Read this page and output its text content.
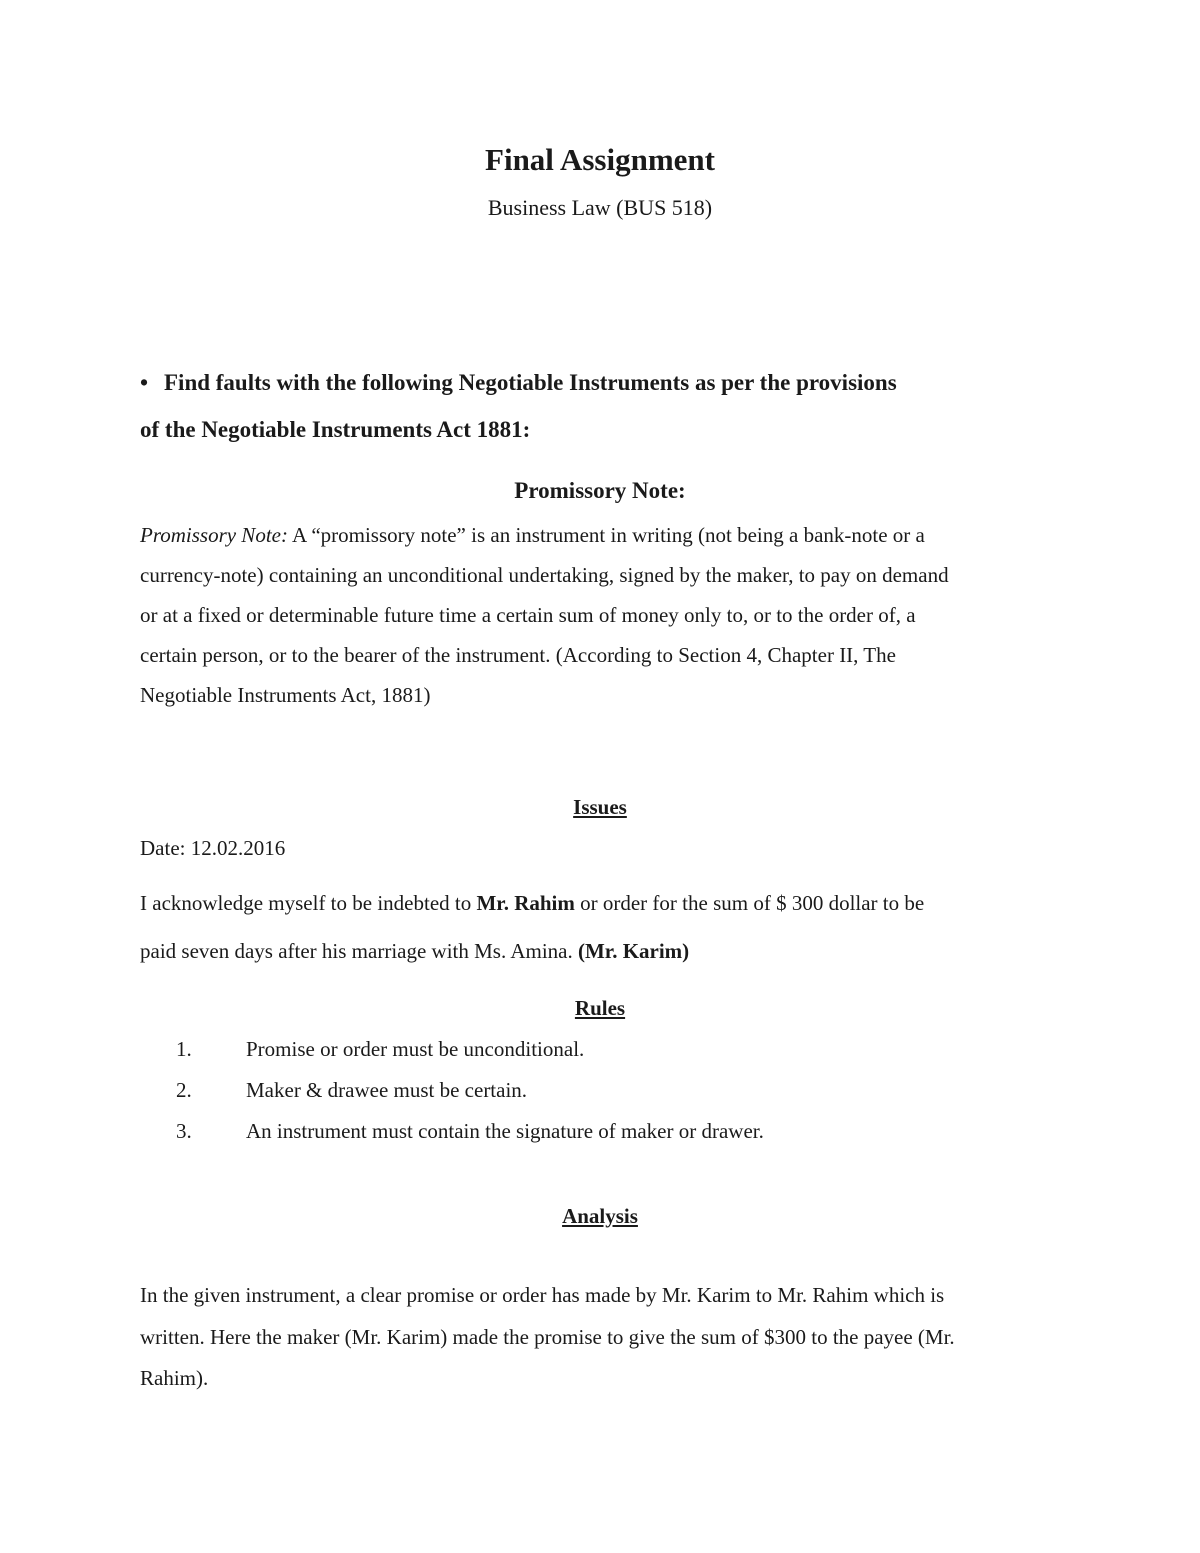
Final Assignment

Business Law (BUS 518)

• Find faults with the following Negotiable Instruments as per the provisions

of the Negotiable Instruments Act 1881:

Promissory Note:

Promissory Note: A “promissory note” is an instrument in writing (not being a bank-note or a

currency-note) containing an unconditional undertaking, signed by the maker, to pay on demand

or at a fixed or determinable future time a certain sum of money only to, or to the order of, a

certain person, or to the bearer of the instrument. (According to Section 4, Chapter II, The

Negotiable Instruments Act, 1881)

Issues

Date: 12.02.2016

I acknowledge myself to be indebted to Mr. Rahim or order for the sum of $ 300 dollar to be

paid seven days after his marriage with Ms. Amina. (Mr. Karim)

Rules

1.	Promise or order must be unconditional.

2.	Maker & drawee must be certain.

3.	An instrument must contain the signature of maker or drawer.

Analysis

In the given instrument, a clear promise or order has made by Mr. Karim to Mr. Rahim which is

written. Here the maker (Mr. Karim) made the promise to give the sum of $300 to the payee (Mr.

Rahim).
